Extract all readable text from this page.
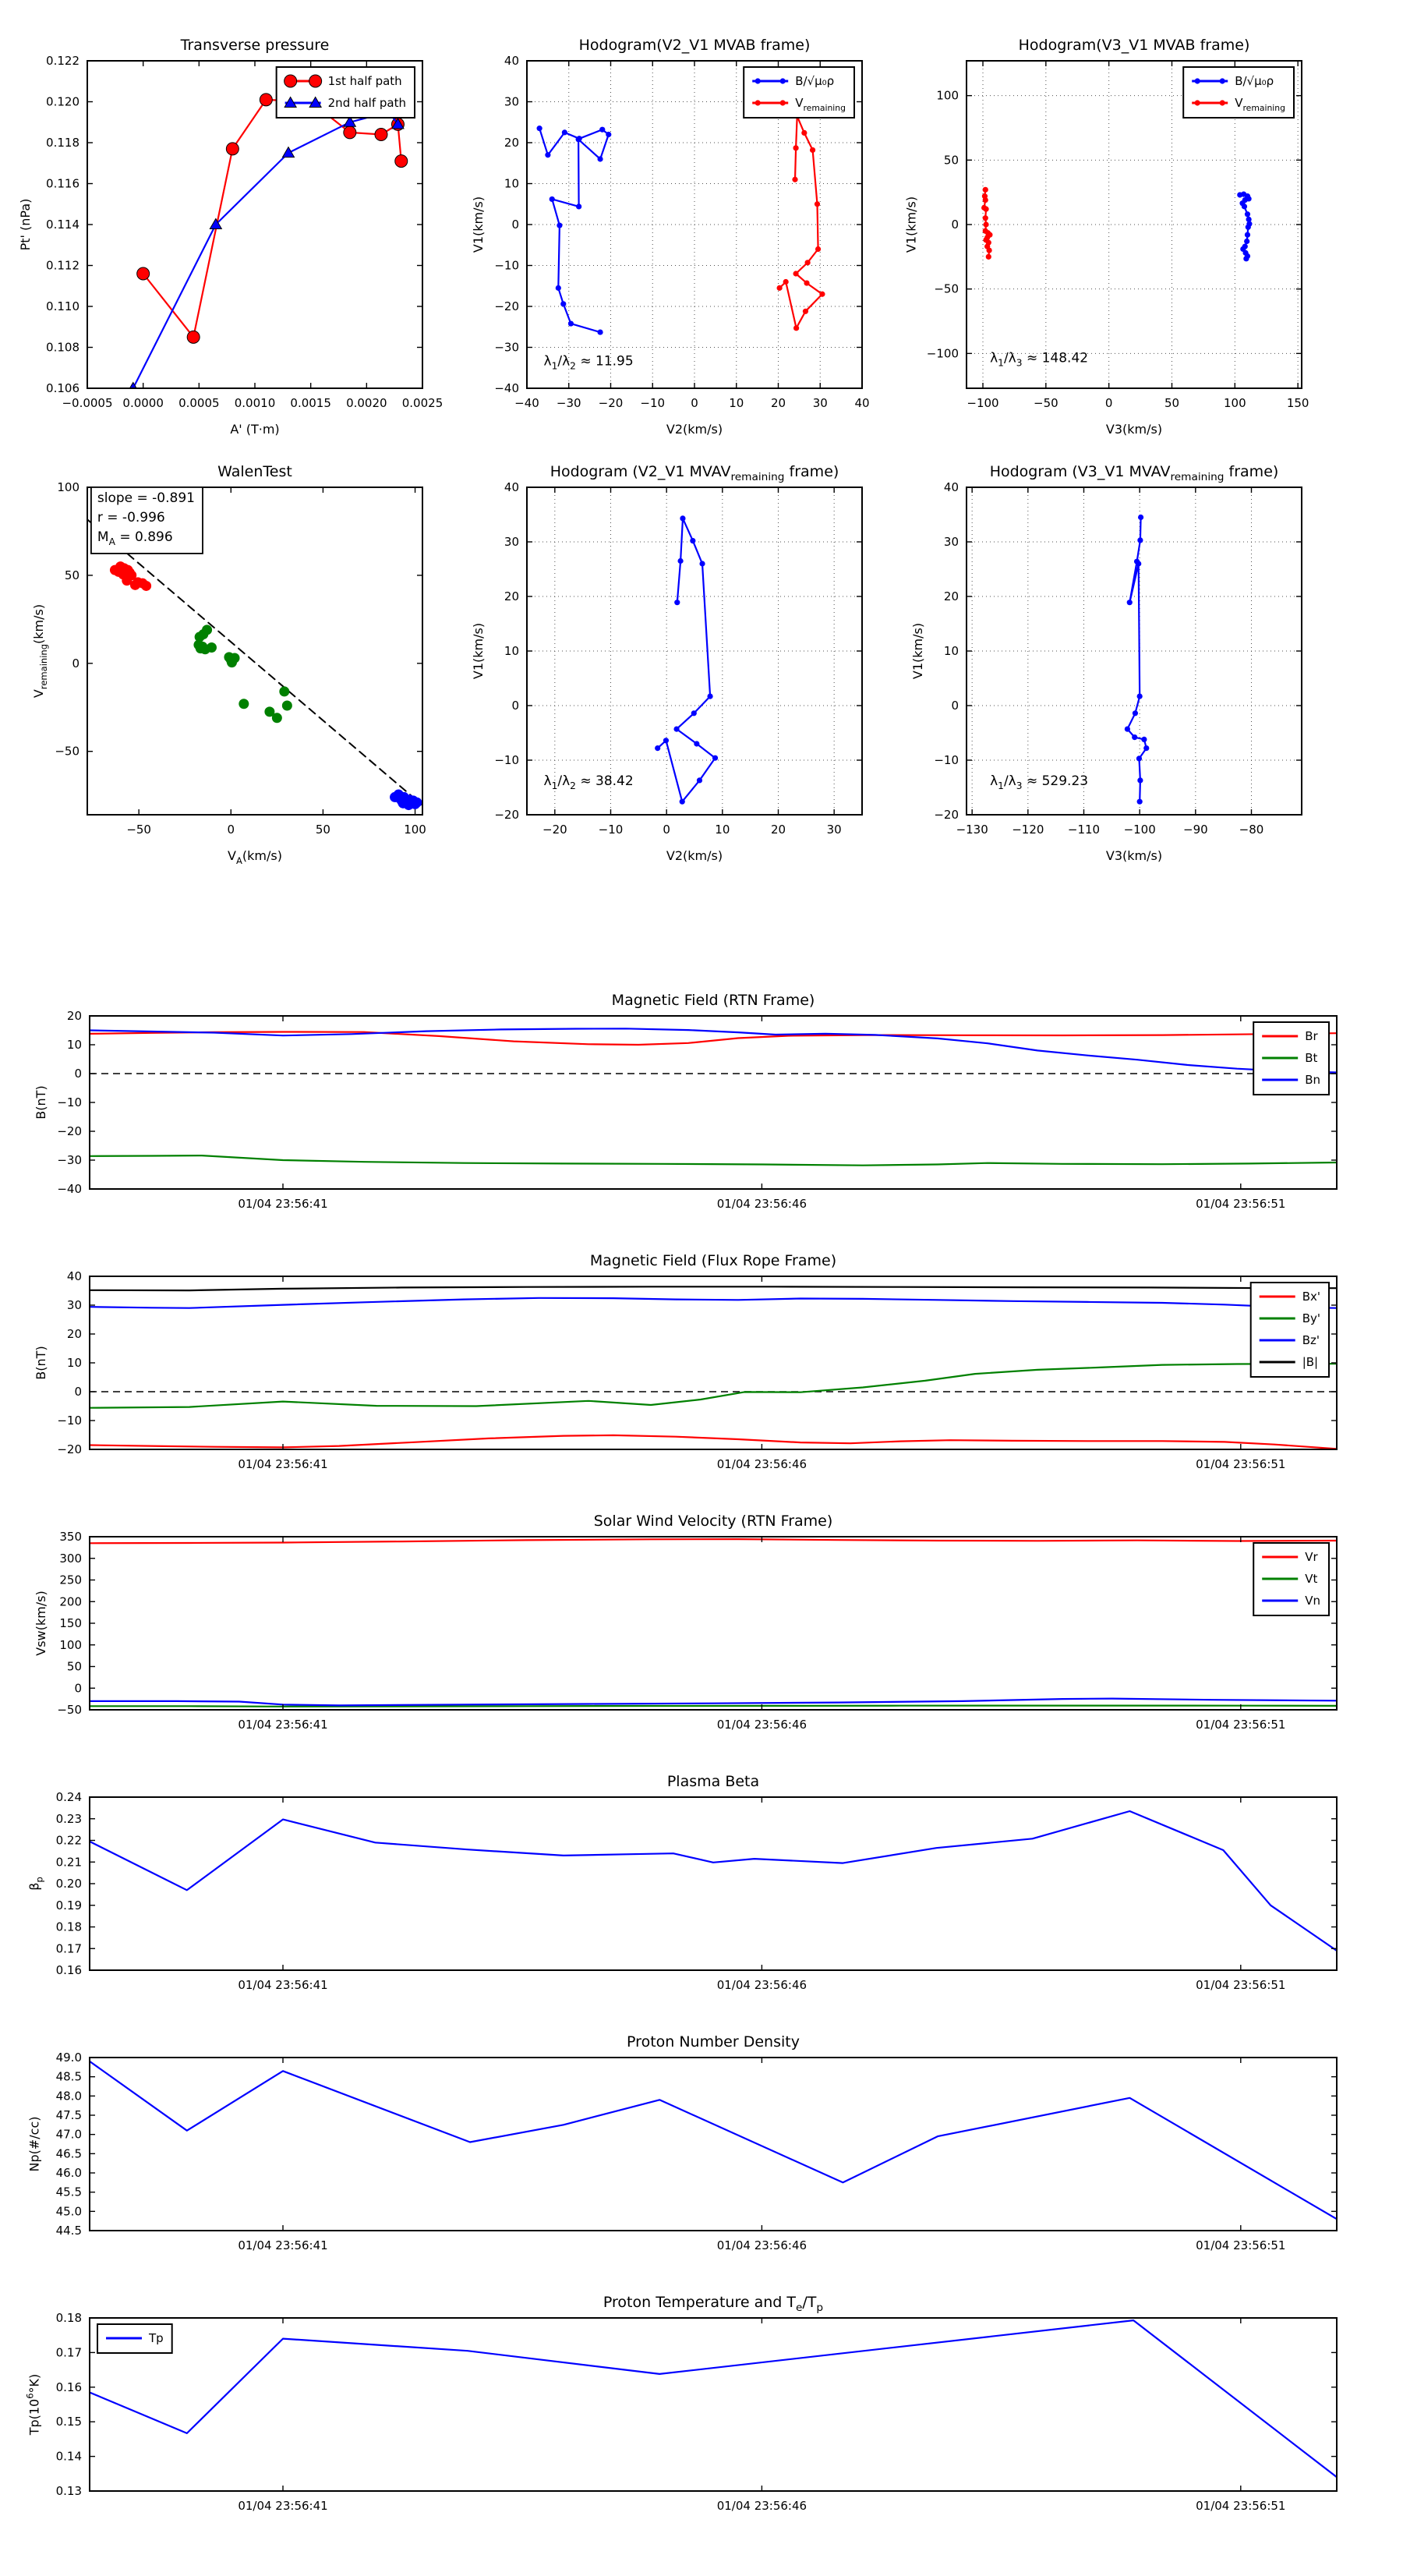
−0.0005 0.0000 0.0005 0.0010 0.0015 0.0020 0.0025
0.106
0.108
0.110
0.112
0.114
0.116
0.118
0.120
0.122
Transverse pressure
A' (T·m)
Pt' (nPa)
1st half path
2nd half path
−40 −30 −20 −10 0	10 20 30 40
−40
−30
−20
−10
0
10
20
30
40
Hodogram(V2_V1 MVAB frame)
V2(km/s)
V1(km/s)
$\lambda_1/\lambda_2 \approx 11.95$
B/√μ₀ρ
$V_{remaining}$
−100	−50	0	50	100	150
−100
−50
0
50
100
Hodogram(V3_V1 MVAB frame)
V3(km/s)
V1(km/s)
$\lambda_1/\lambda_3 \approx 148.42$
B/√μ₀ρ
$V_{remaining}$
−50	0	50	100
−50
0
50
100
WalenTest
$V_A(km/s)$
$V_{remaining}(km/s)$
slope = -0.891
r = -0.996
$M_A = 0.896$
−20	−10	0	10	20	30
−20
−10
0
10
20
30
40
Hodogram (V2_V1 $MVAV_{remaining}$ frame)
V2(km/s)
V1(km/s)
$\lambda_1/\lambda_2 \approx 38.42$
−130 −120 −110 −100 −90	−80
−20
−10
0
10
20
30
40
Hodogram (V3_V1 $MVAV_{remaining}$ frame)
V3(km/s)
V1(km/s)
$\lambda_1/\lambda_3 \approx 529.23$
01/04 23:56:41	01/04 23:56:46	01/04 23:56:51
−40
−30
−20
−10
0
10
20
Magnetic Field (RTN Frame)
B(nT)
Br
Bt
Bn
01/04 23:56:41	01/04 23:56:46	01/04 23:56:51
−20
−10
0
10
20
30
40
Magnetic Field (Flux Rope Frame)
B(nT)
Bx'
By'
Bz'
|B|
01/04 23:56:41	01/04 23:56:46	01/04 23:56:51
−50
0
50
100
150
200
250
300
350
Solar Wind Velocity (RTN Frame)
Vsw(km/s)
Vr
Vt
Vn
01/04 23:56:41	01/04 23:56:46	01/04 23:56:51
0.16
0.17
0.18
0.19
0.20
0.21
0.22
0.23
0.24
Plasma Beta
$\beta_p$
01/04 23:56:41	01/04 23:56:46	01/04 23:56:51
44.5
45.0
45.5
46.0
46.5
47.0
47.5
48.0
48.5
49.0
Proton Number Density
Np(#/cc)
01/04 23:56:41	01/04 23:56:46	01/04 23:56:51
0.13
0.14
0.15
0.16
0.17
0.18
Proton Temperature and $T_e/T_p$
$Tp(10^6^\circ K)$
Tp
